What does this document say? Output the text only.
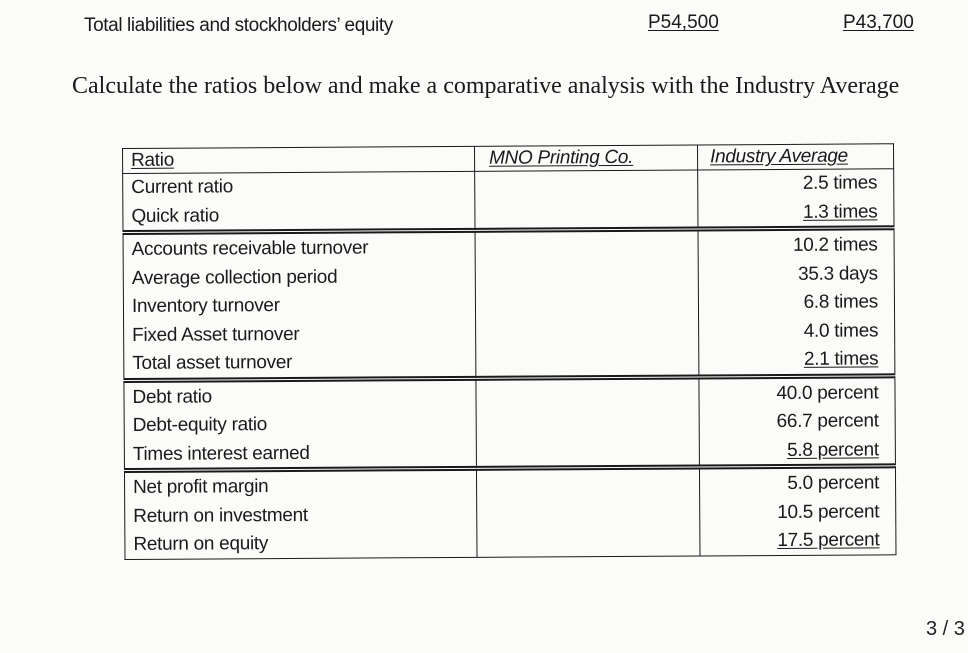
Total liabilities and stockholders’ equity	P54,500	P43,700
Calculate the ratios below and make a comparative analysis with the Industry Average
Ratio	MNO Printing Co.	Industry Average
Current ratio		2.5 times
Quick ratio		1.3 times
Accounts receivable turnover		10.2 times
Average collection period		35.3 days
Inventory turnover		6.8 times
Fixed Asset turnover		4.0 times
Total asset turnover		2.1 times
Debt ratio		40.0 percent
Debt-equity ratio		66.7 percent
Times interest earned		5.8 percent
Net profit margin		5.0 percent
Return on investment		10.5 percent
Return on equity		17.5 percent
3 / 3
